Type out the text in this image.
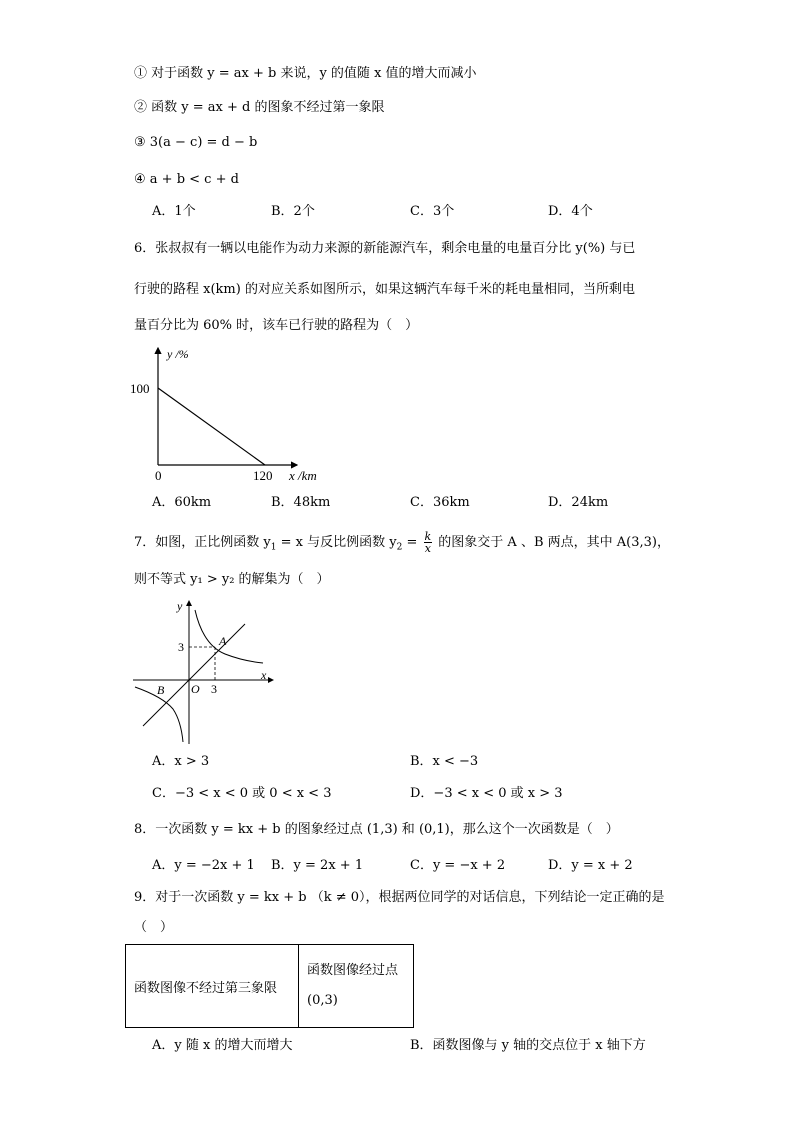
① 对于函数 y = ax + b 来说，y 的值随 x 值的增大而减小
② 函数 y = ax + d 的图象不经过第一象限
③ 3(a − c) = d − b
④ a + b < c + d
A．1个	B．2个	C．3个	D．4个
6．张叔叔有一辆以电能作为动力来源的新能源汽车，剩余电量的电量百分比 y(%) 与已
行驶的路程 x(km) 的对应关系如图所示，如果这辆汽车每千米的耗电量相同，当所剩电
量百分比为 60% 时，该车已行驶的路程为（　）
y /%
100
0	120 x /km
A．60km	B．48km	C．36km	D．24km
7．如图，正比例函数 $y_1 = x$ 与反比例函数 $y_2 = \frac{k}{x}$ 的图象交于 A 、B 两点，其中 A(3,3)，
则不等式 y₁ > y₂ 的解集为（　）
y
x
O
A
B
3
3
A．x > 3	B．x < −3
C．−3 < x < 0 或 0 < x < 3	D．−3 < x < 0 或 x > 3
8．一次函数 y = kx + b 的图象经过点 (1,3) 和 (0,1)，那么这个一次函数是（　）
A．y = −2x + 1 B．y = 2x + 1	C．y = −x + 2	D．y = x + 2
9．对于一次函数 y = kx + b （k ≠ 0），根据两位同学的对话信息，下列结论一定正确的是
（　）
函数图像不经过第三象限	
函数图像经过点
(0,3)
A．y 随 x 的增大而增大	B．函数图像与 y 轴的交点位于 x 轴下方
